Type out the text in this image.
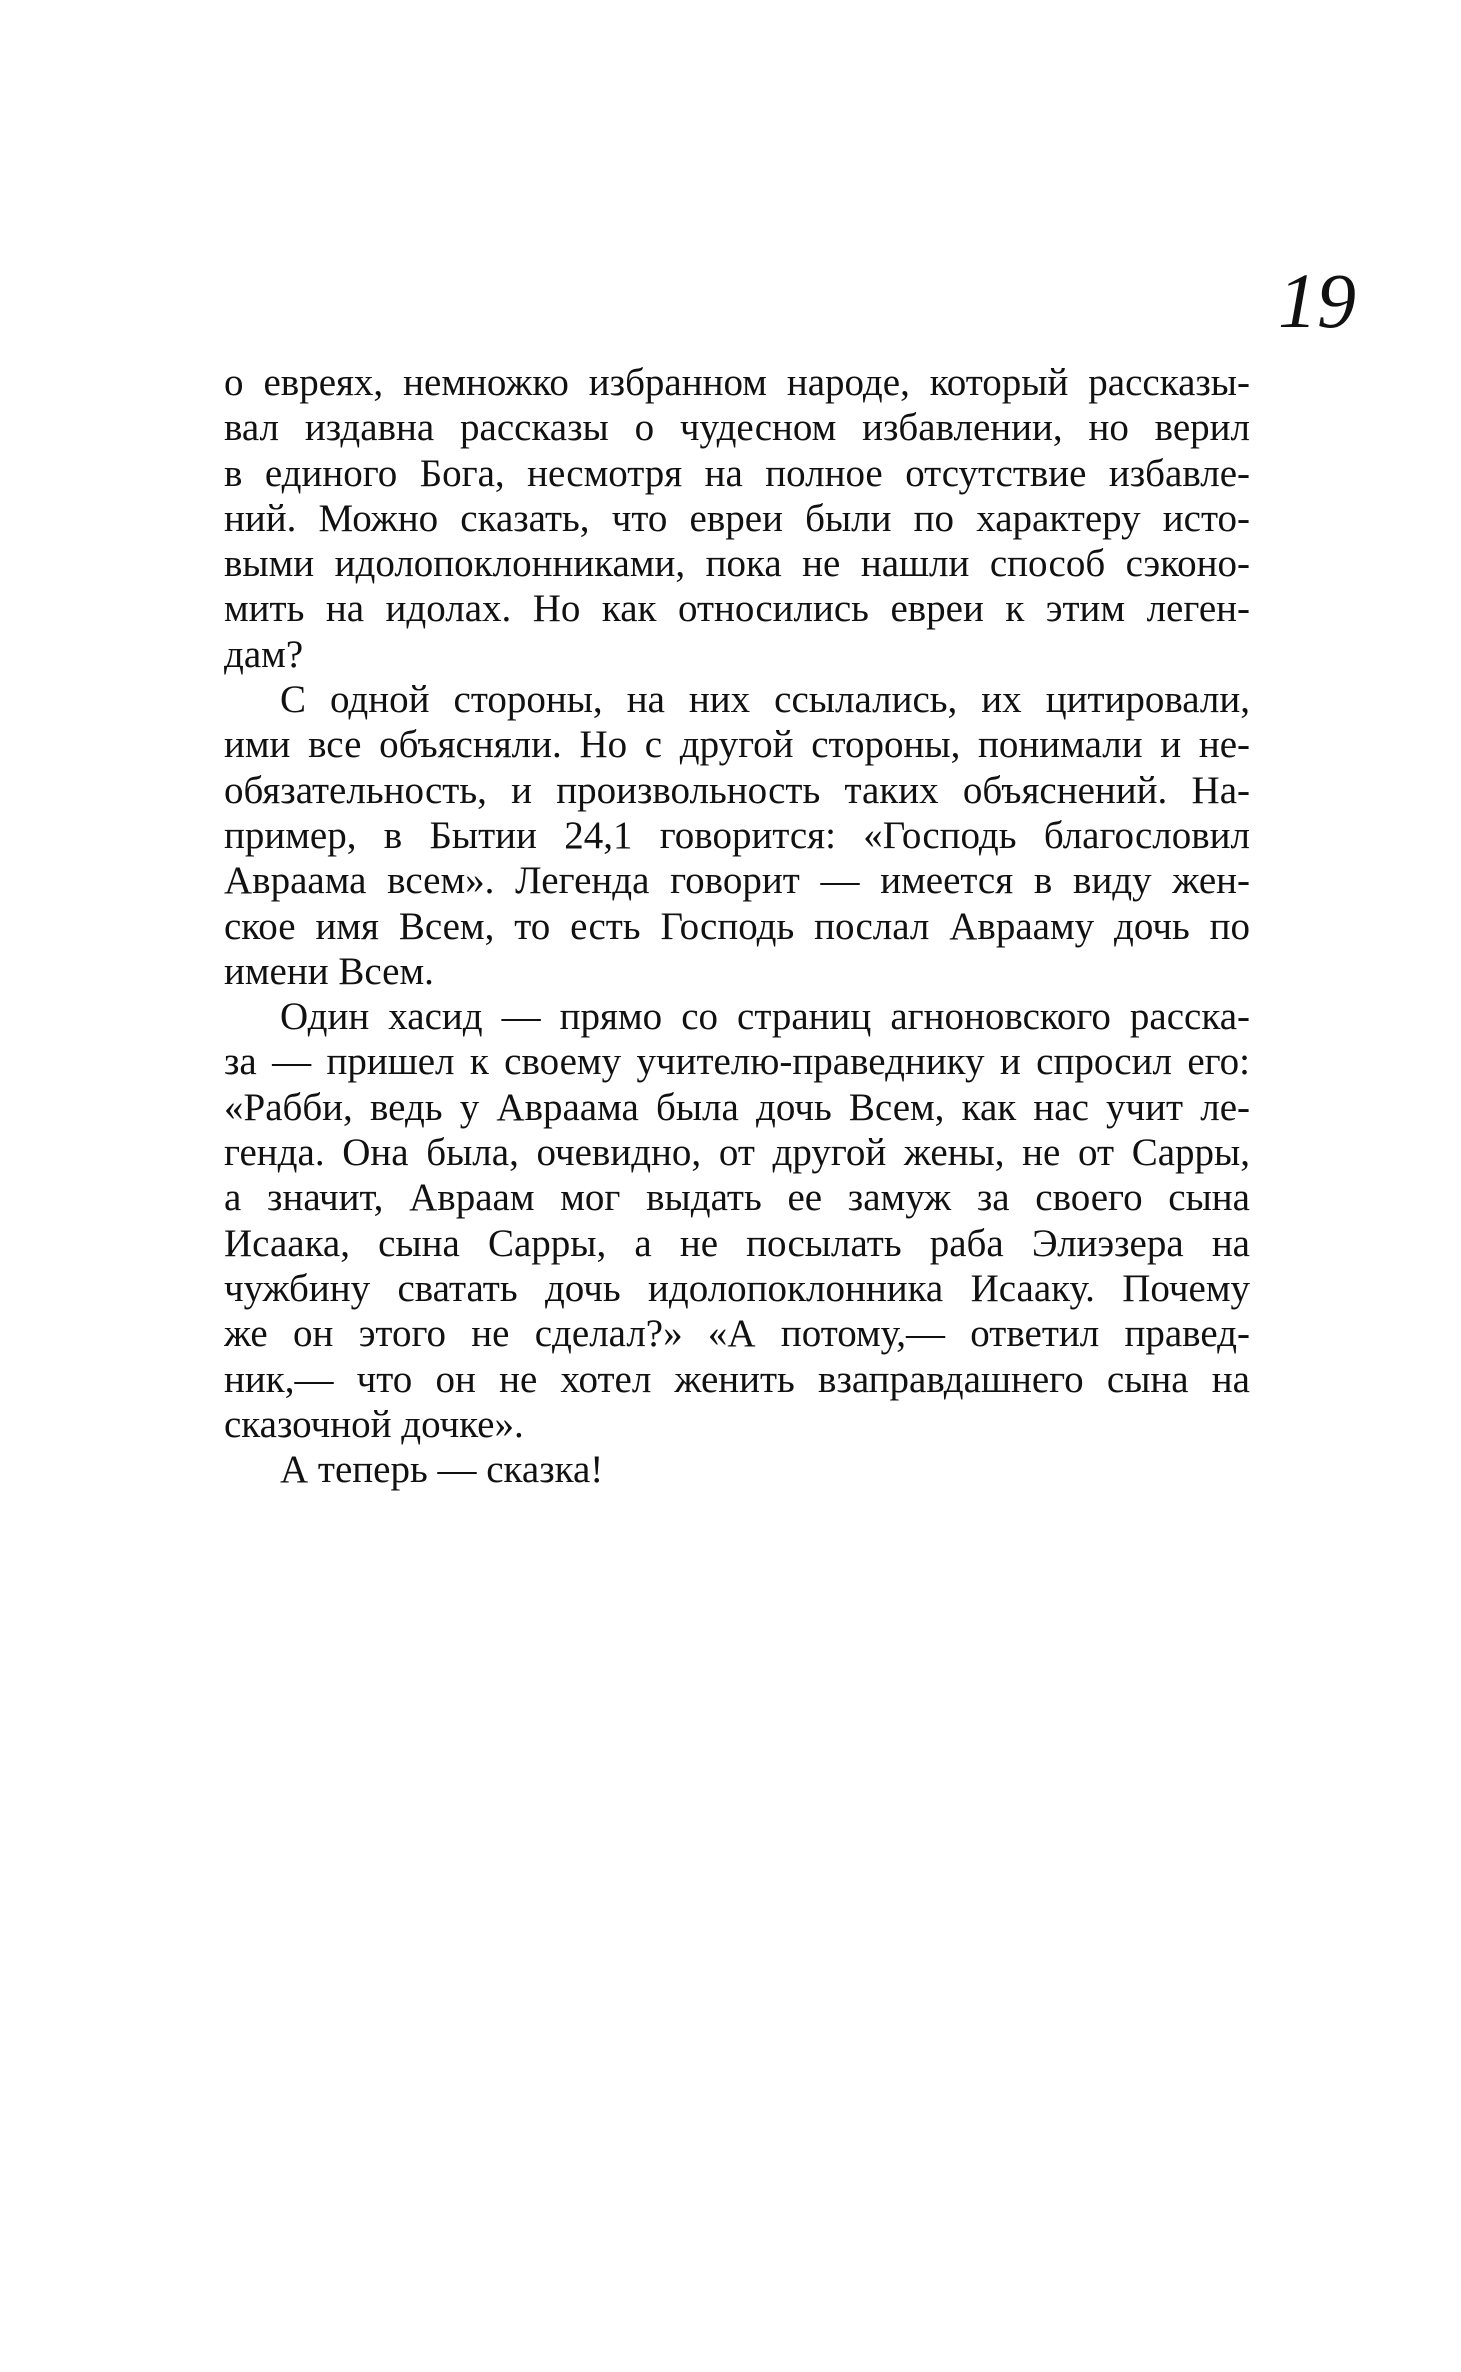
19
о евреях, немножко избранном народе, который рассказы-
вал издавна рассказы о чудесном избавлении, но верил
в единого Бога, несмотря на полное отсутствие избавле-
ний. Можно сказать, что евреи были по характеру исто-
выми идолопоклонниками, пока не нашли способ сэконо-
мить на идолах. Но как относились евреи к этим леген-
дам?
С одной стороны, на них ссылались, их цитировали,
ими все объясняли. Но с другой стороны, понимали и не-
обязательность, и произвольность таких объяснений. На-
пример, в Бытии 24,1 говорится: «Господь благословил
Авраама всем». Легенда говорит — имеется в виду жен-
ское имя Всем, то есть Господь послал Аврааму дочь по
имени Всем.
Один хасид — прямо со страниц агноновского расска-
за — пришел к своему учителю-праведнику и спросил его:
«Рабби, ведь у Авраама была дочь Всем, как нас учит ле-
генда. Она была, очевидно, от другой жены, не от Сарры,
а значит, Авраам мог выдать ее замуж за своего сына
Исаака, сына Сарры, а не посылать раба Элиэзера на
чужбину сватать дочь идолопоклонника Исааку. Почему
же он этого не сделал?» «А потому,— ответил правед-
ник,— что он не хотел женить взаправдашнего сына на
сказочной дочке».
А теперь — сказка!
